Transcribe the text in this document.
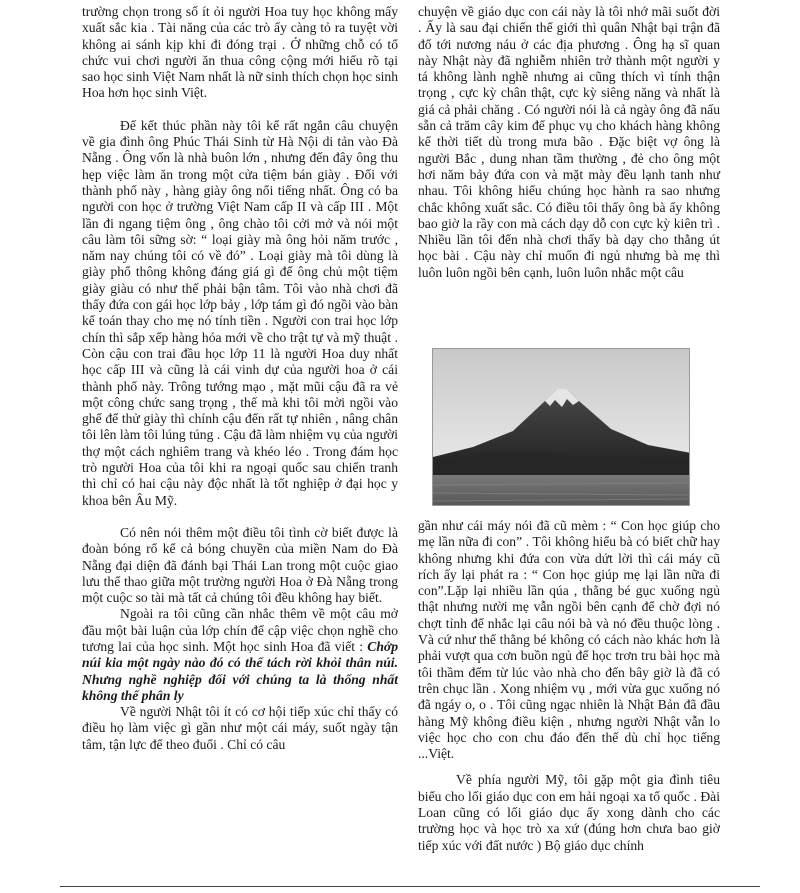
trường chọn trong số ít ỏi người Hoa tuy học không mấy xuất sắc kia . Tài năng của các trò ấy càng tỏ ra tuyệt vời không ai sánh kịp khi đi đóng trại . Ở những chỗ có tổ chức vui chơi người ăn thua công cộng mới hiểu rõ tại sao học sinh Việt Nam nhất là nữ sinh thích chọn học sinh Hoa hơn học sinh Việt.

Để kết thúc phần này tôi kể rất ngắn câu chuyện về gia đình ông Phúc Thái Sinh từ Hà Nội di tản vào Đà Nẵng . Ông vốn là nhà buôn lớn , nhưng đến đây ông thu hẹp việc làm ăn trong một cửa tiệm bán giày . Đối với thành phố này , hàng giày ông nổi tiếng nhất. Ông có ba người con học ở trường Việt Nam cấp II và cấp III . Một lần đi ngang tiệm ông , ông chào tôi cởi mở và nói một câu làm tôi sững sờ: “ loại giày mà ông hỏi năm trước , năm nay chúng tôi có về đó” . Loại giày mà tôi dùng là giày phổ thông không đáng giá gì để ông chủ một tiệm giày giàu có như thế phải bận tâm. Tôi vào nhà chơi đã thấy đứa con gái học lớp bảy , lớp tám gì đó ngồi vào bàn kế toán thay cho mẹ nó tính tiền . Người con trai học lớp chín thì sắp xếp hàng hóa mới về cho trật tự và mỹ thuật . Còn cậu con trai đầu học lớp 11 là người Hoa duy nhất học cấp III và cũng là cái vinh dự của người hoa ở cái thành phố này. Trông tướng mạo , mặt mũi cậu đã ra vẻ một công chức sang trọng , thế mà khi tôi mời ngồi vào ghế để thử giày thì chính cậu đến rất tự nhiên , nâng chân tôi lên làm tôi lúng túng . Cậu đã làm nhiệm vụ của người thợ một cách nghiêm trang và khéo léo . Trong đám học trò người Hoa của tôi khi ra ngoại quốc sau chiến tranh thì chỉ có hai cậu này độc nhất là tốt nghiệp ở đại học y khoa bên Âu Mỹ.

Có nên nói thêm một điều tôi tình cờ biết được là đoàn bóng rổ kể cả bóng chuyền của miền Nam do Đà Nẵng đại diện đã đánh bại Thái Lan trong một cuộc giao lưu thể thao giữa một trường người Hoa ở Đà Nẵng trong một cuộc so tài mà tất cả chúng tôi đều không hay biết.

Ngoài ra tôi cũng cần nhắc thêm về một câu mở đầu một bài luận của lớp chín để cập việc chọn nghề cho tương lai của học sinh. Một học sinh Hoa đã viết : Chớp núi kia một ngày nào đó có thể tách rời khỏi thân núi. Nhưng nghề nghiệp đối với chúng ta là thống nhất không thể phân ly

Về người Nhật tôi ít có cơ hội tiếp xúc chỉ thấy có điều họ làm việc gì gần như một cái máy, suốt ngày tận tâm, tận lực để theo đuổi . Chỉ có câu

chuyện về giáo dục con cái này là tôi nhớ mãi suốt đời . Ấy là sau đại chiến thế giới thì quân Nhật bại trận đã đổ tới nương náu ở các địa phương . Ông hạ sĩ quan này Nhật này đã nghiễm nhiên trở thành một người y tá không lành nghề nhưng ai cũng thích vì tính thận trọng , cực kỳ chân thật, cực kỳ siêng năng và nhất là giá cả phải chăng . Có người nói là cả ngày ông đã nấu sẵn cả trăm cây kim để phục vụ cho khách hàng không kể thời tiết dù trong mưa bão . Đặc biệt vợ ông là người Bắc , dung nhan tầm thường , đẻ cho ông một hơi năm bảy đứa con và mặt mày đều lạnh tanh như nhau. Tôi không hiểu chúng học hành ra sao nhưng chắc không xuất sắc. Có điều tôi thấy ông bà ấy không bao giờ la rầy con mà cách dạy dỗ con cực kỳ kiên trì . Nhiều lần tôi đến nhà chơi thấy bà dạy cho thằng út học bài . Cậu này chỉ muốn đi ngủ nhưng bà mẹ thì luôn luôn ngồi bên cạnh, luôn luôn nhắc một câu

gần như cái máy nói đã cũ mèm : “ Con học giúp cho mẹ lần nữa đi con” . Tôi không hiểu bà có biết chữ hay không nhưng khi đứa con vừa dứt lời thì cái máy cũ rích ấy lại phát ra : “ Con học giúp mẹ lại lần nữa đi con”.Lặp lại nhiều lần qúa , thằng bé gục xuống ngủ thật nhưng nười mẹ vẫn ngồi bên cạnh để chờ đợi nó chợt tỉnh để nhắc lại câu nói bà và nó đều thuộc lòng . Và cứ như thế thằng bé không có cách nào khác hơn là phải vượt qua cơn buồn ngủ để học trơn tru bài học mà tôi thầm đếm từ lúc vào nhà cho đến bây giờ là đã có trên chục lần . Xong nhiệm vụ , mới vừa gục xuống nó đã ngáy o, o . Tôi cũng ngạc nhiên là Nhật Bản đã đầu hàng Mỹ không điều kiện , nhưng người Nhật vẫn lo việc học cho con chu đáo đến thế dù chỉ học tiếng ...Việt.

Về phía người Mỹ, tôi gặp một gia đình tiêu biểu cho lối giáo dục con em hải ngoại xa tổ quốc . Đài Loan cũng có lối giáo dục ấy xong dành cho các trường học và học trò xa xứ (đúng hơn chưa bao giờ tiếp xúc với đất nước ) Bộ giáo dục chính
